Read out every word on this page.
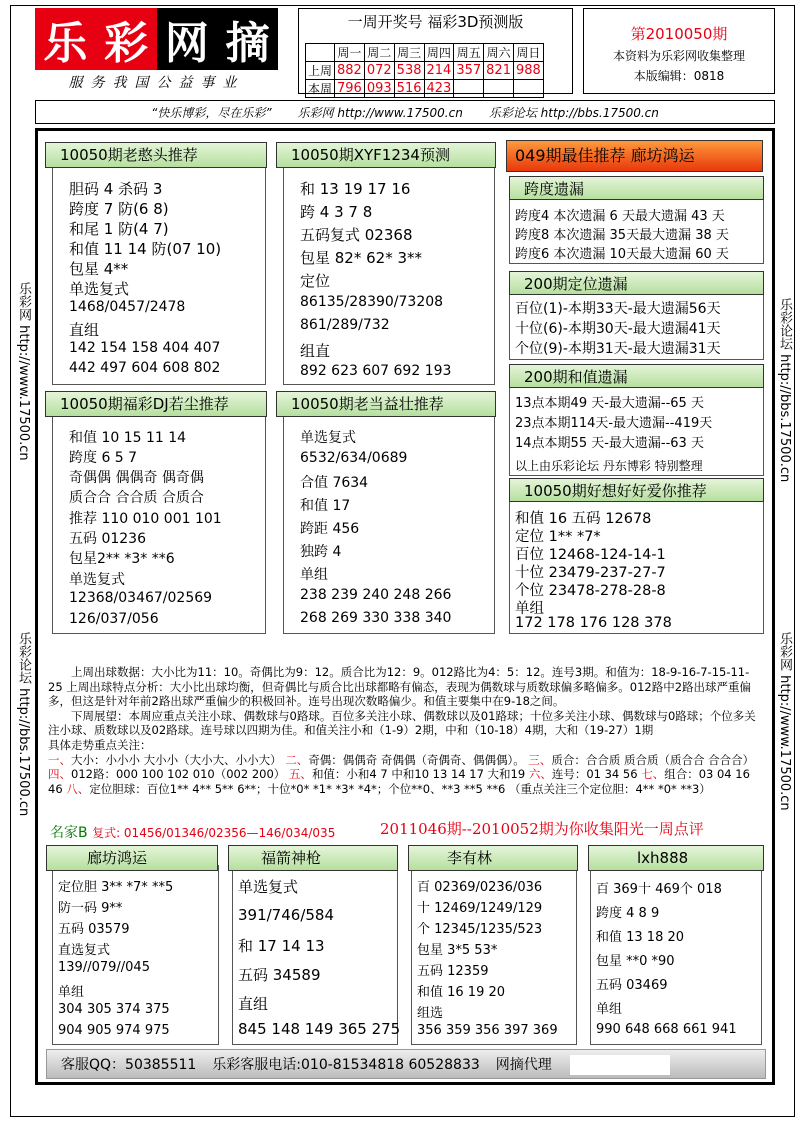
乐 彩 网 摘
服务我国公益事业
一周开奖号 福彩3D预测版
	周一	周二	周三	周四	周五	周六	周日
上周	882	072	538	214	357	821	988
本周	796	093	516	423			
第2010050期
本资料为乐彩网收集整理
本版编辑：0818
“快乐博彩，尽在乐彩” 乐彩网 http://www.17500.cn 乐彩论坛 http://bbs.17500.cn
乐彩网 http://www.17500.cn
乐彩论坛 http://bbs.17500.cn
乐彩论坛 http://bbs.17500.cn
乐彩网 http://www.17500.cn
胆码 4 杀码 3
跨度 7 防(6 8)
和尾 1 防(4 7)
和值 11 14 防(07 10)
包星 4**
单选复式
1468/0457/2478
直组
142 154 158 404 407
442 497 604 608 802
10050期老憨头推荐
和 13 19 17 16
跨 4 3 7 8
五码复式 02368
包星 82* 62* 3**
定位
86135/28390/73208
861/289/732
组直
892 623 607 692 193
10050期XYF1234预测
和值 10 15 11 14
跨度 6 5 7
奇偶偶 偶偶奇 偶奇偶
质合合 合合质 合质合
推荐 110 010 001 101
五码 01236
包星2** *3* **6
单选复式
12368/03467/02569
126/037/056
10050期福彩DJ若尘推荐
单选复式
6532/634/0689
合值 7634
和值 17
跨距 456
独跨 4
单组
238 239 240 248 266
268 269 330 338 340
10050期老当益壮推荐
049期最佳推荐 廊坊鸿运
跨度4 本次遗漏 6 天最大遗漏 43 天
跨度8 本次遗漏 35天最大遗漏 38 天
跨度6 本次遗漏 10天最大遗漏 60 天
跨度遗漏
百位(1)-本期33天-最大遗漏56天
十位(6)-本期30天-最大遗漏41天
个位(9)-本期31天-最大遗漏31天
200期定位遗漏
13点本期49 天-最大遗漏--65 天
23点本期114天-最大遗漏--419天
14点本期55 天-最大遗漏--63 天
以上由乐彩论坛 丹东博彩 特别整理
200期和值遗漏
和值 16 五码 12678
定位 1** *7*
百位 12468-124-14-1
十位 23479-237-27-7
个位 23478-278-28-8
单组
172 178 176 128 378
10050期好想好好爱你推荐
上周出球数据：大小比为11：10。奇偶比为9：12。质合比为12：9。012路比为4：5：12。连号3期。和值为：18-9-16-7-15-11-25 上周出球特点分析：大小比出球均衡，但奇偶比与质合比出球都略有偏态，表现为偶数球与质数球偏多略偏多。012路中2路出球严重偏多，但这是针对年前2路出球严重偏少的积极回补。连号出现次数略偏少。和值主要集中在9-18之间。
下周展望：本周应重点关注小球、偶数球与0路球。百位多关注小球、偶数球以及01路球；十位多关注小球、偶数球与0路球；个位多关注小球、质数球以及02路球。连号球以四期为佳。和值关注小和（1-9）2期，中和（10-18）4期，大和（19-27）1期
具体走势重点关注：
一、大小：小小小 大小小（大小大、小小大） 二、奇偶：偶偶奇 奇偶偶（奇偶奇、偶偶偶）。 三、质合：合合质 质合质（质合合 合合合） 四、012路：000 100 102 010（002 200） 五、和值：小和4 7 中和10 13 14 17 大和19 六、连号：01 34 56 七、组合：03 04 16 46 八、定位胆球：百位1** 4** 5** 6**；十位*0* *1* *3* *4*；个位**0、**3 **5 **6 （重点关注三个定位胆：4** *0* **3）
名家B 复式: 01456/01346/02356—146/034/035	2011046期--2010052期为你收集阳光一周点评
定位胆 3** *7* **5
防一码 9**
五码 03579
直选复式
139//079//045
单组
304 305 374 375
904 905 974 975
廊坊鸿运
单选复式
391/746/584
和 17 14 13
五码 34589
直组
845 148 149 365 275
福箭神枪
百 02369/0236/036
十 12469/1249/129
个 12345/1235/523
包星 3*5 53*
五码 12359
和值 16 19 20
组选
356 359 356 397 369
李有林
百 369十 469个 018
跨度 4 8 9
和值 13 18 20
包星 **0 *90
五码 03469
单组
990 648 668 661 941
lxh888
客服QQ：50385511 乐彩客服电话:010-81534818 60528833 网摘代理
